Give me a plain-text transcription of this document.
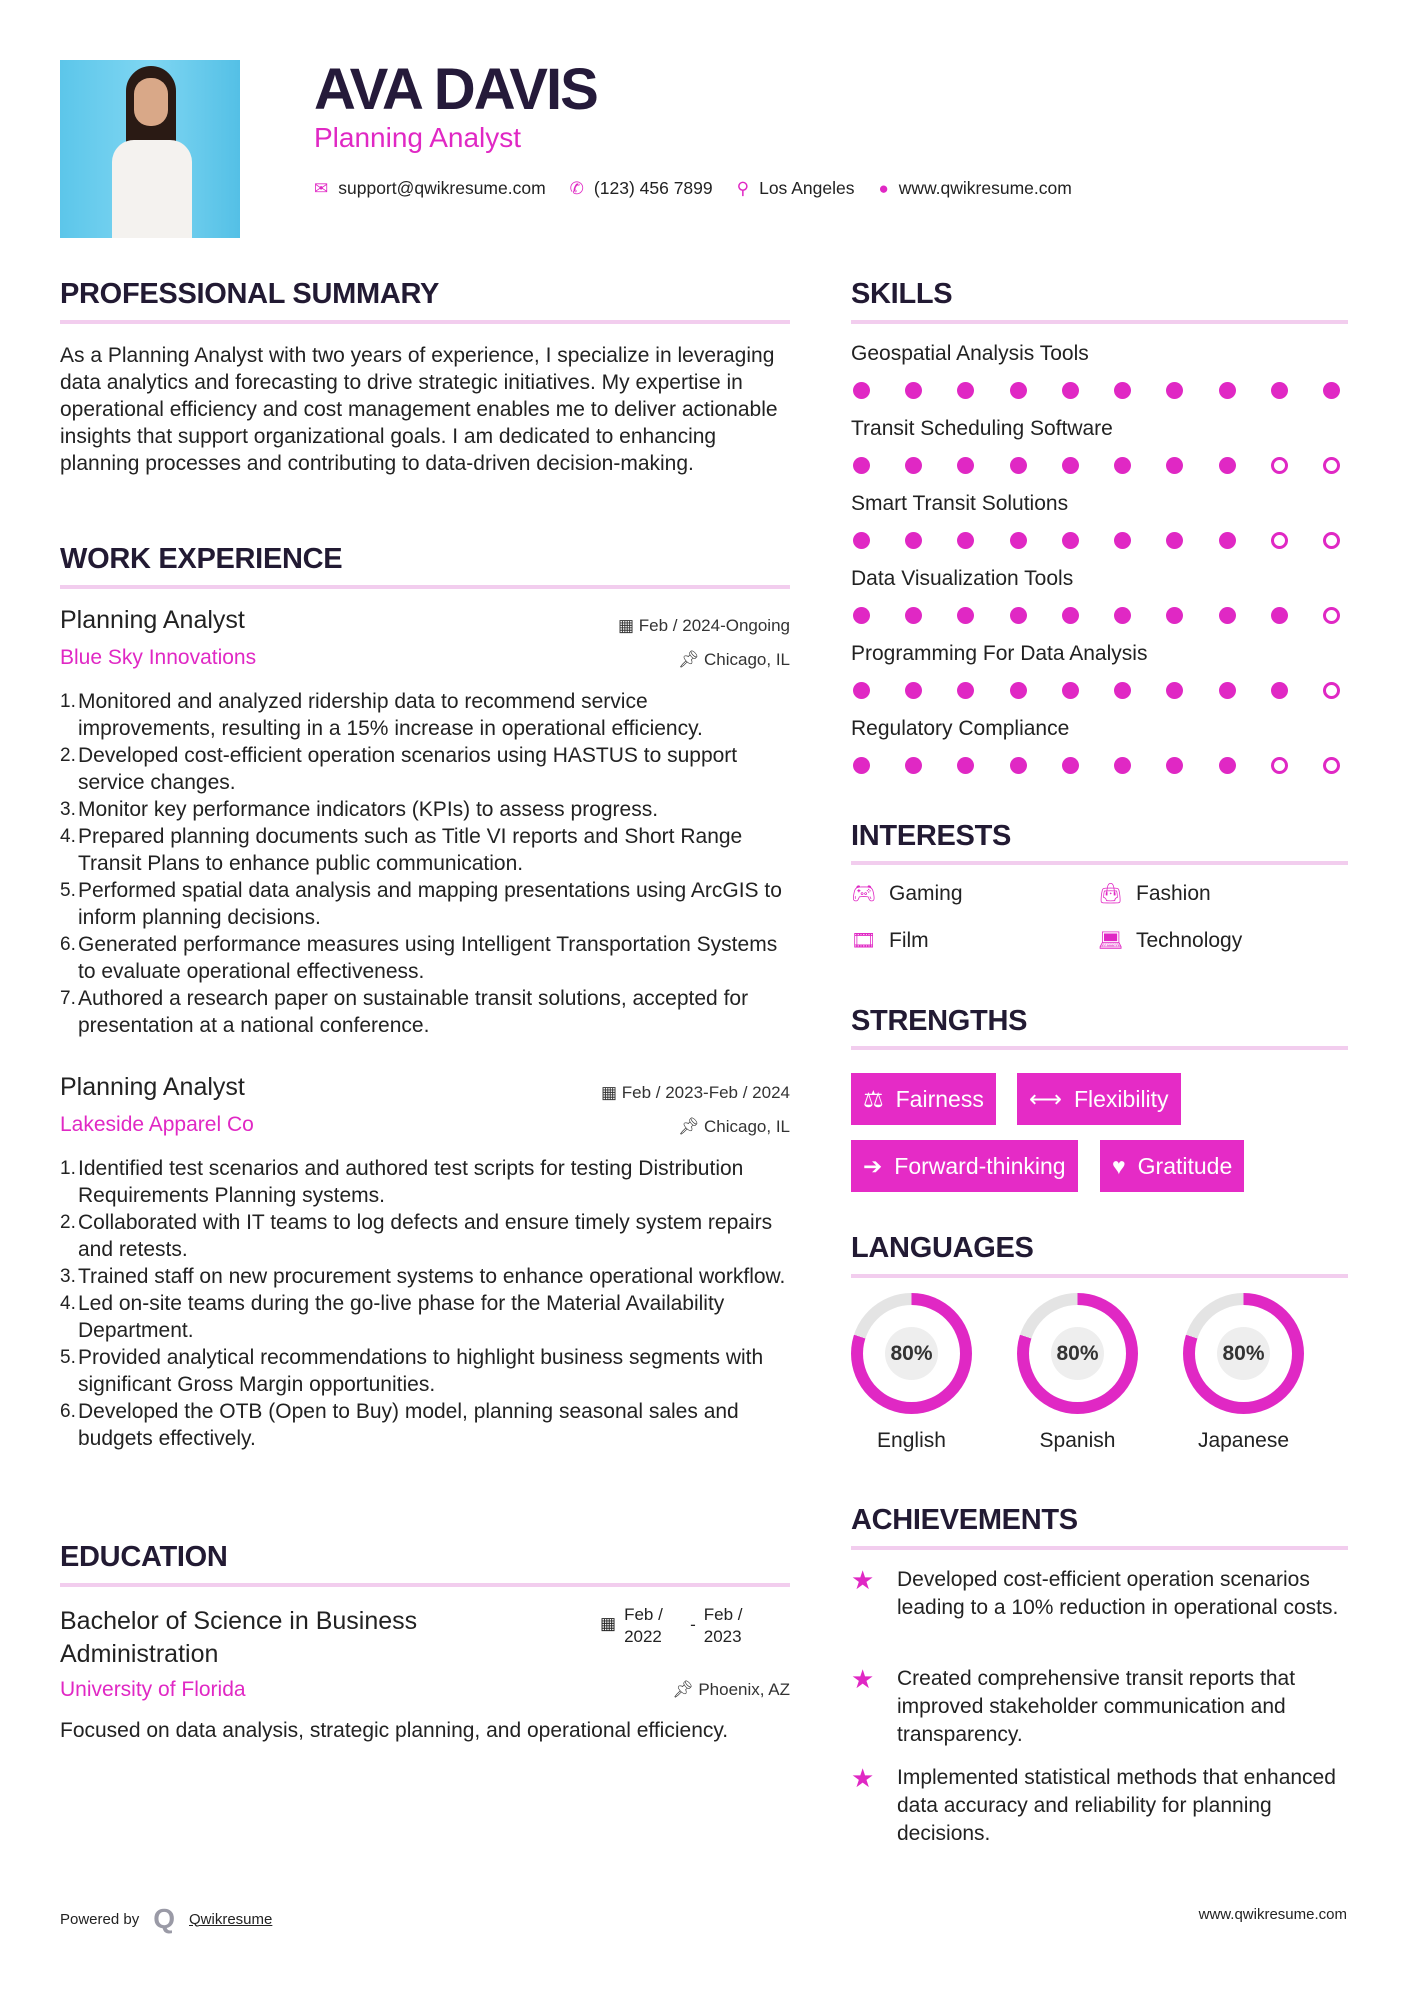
AVA DAVIS
Planning Analyst
✉ support@qwikresume.com ✆ (123) 456 7899 ⚲ Los Angeles ● www.qwikresume.com
PROFESSIONAL SUMMARY
As a Planning Analyst with two years of experience, I specialize in leveraging data analytics and forecasting to drive strategic initiatives. My expertise in operational efficiency and cost management enables me to deliver actionable insights that support organizational goals. I am dedicated to enhancing planning processes and contributing to data-driven decision-making.
WORK EXPERIENCE
Planning Analyst	▦ Feb / 2024-Ongoing
Blue Sky Innovations	📌︎ Chicago, IL
Monitored and analyzed ridership data to recommend service improvements, resulting in a 15% increase in operational efficiency.
Developed cost-efficient operation scenarios using HASTUS to support service changes.
Monitor key performance indicators (KPIs) to assess progress.
Prepared planning documents such as Title VI reports and Short Range Transit Plans to enhance public communication.
Performed spatial data analysis and mapping presentations using ArcGIS to inform planning decisions.
Generated performance measures using Intelligent Transportation Systems to evaluate operational effectiveness.
Authored a research paper on sustainable transit solutions, accepted for presentation at a national conference.
Planning Analyst	▦ Feb / 2023-Feb / 2024
Lakeside Apparel Co	📌︎ Chicago, IL
Identified test scenarios and authored test scripts for testing Distribution Requirements Planning systems.
Collaborated with IT teams to log defects and ensure timely system repairs and retests.
Trained staff on new procurement systems to enhance operational workflow.
Led on-site teams during the go-live phase for the Material Availability Department.
Provided analytical recommendations to highlight business segments with significant Gross Margin opportunities.
Developed the OTB (Open to Buy) model, planning seasonal sales and budgets effectively.
EDUCATION
Bachelor of Science in Business Administration
▦ Feb / 2022
-
Feb / 2023
University of Florida	📌︎ Phoenix, AZ
Focused on data analysis, strategic planning, and operational efficiency.
Powered by Q Qwikresume	www.qwikresume.com
SKILLS
Geospatial Analysis Tools
Transit Scheduling Software
Smart Transit Solutions
Data Visualization Tools
Programming For Data Analysis
Regulatory Compliance
INTERESTS
🎮︎ Gaming	👜︎ Fashion
🎞︎ Film	💻︎ Technology
STRENGTHS
⚖ Fairness ⟷ Flexibility
➔ Forward-thinking ♥ Gratitude
LANGUAGES
80%
English
80%
Spanish
80%
Japanese
ACHIEVEMENTS
★ Developed cost-efficient operation scenarios leading to a 10% reduction in operational costs.
★ Created comprehensive transit reports that improved stakeholder communication and transparency.
★ Implemented statistical methods that enhanced data accuracy and reliability for planning decisions.
